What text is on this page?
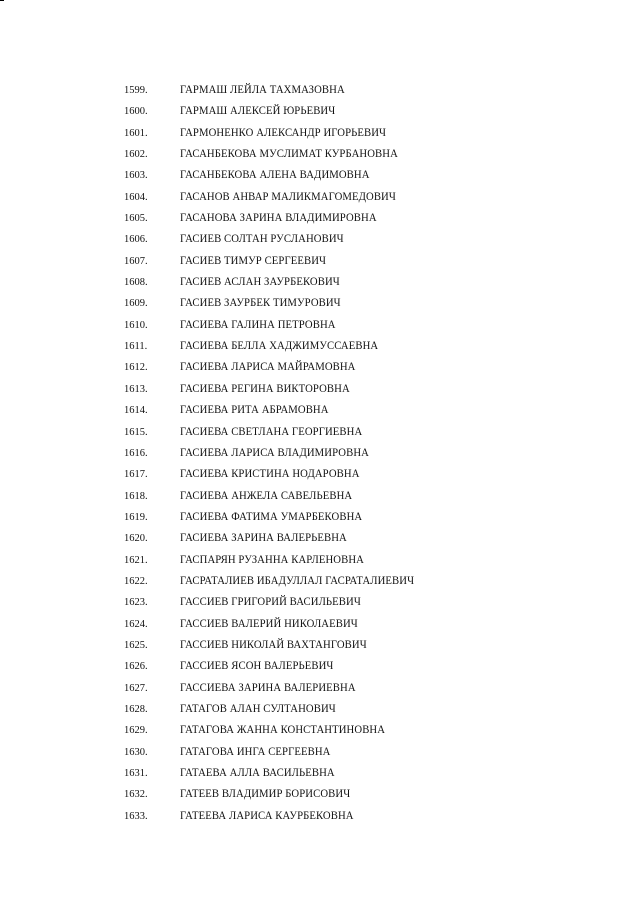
1599.	ГАРМАШ ЛЕЙЛА ТАХМАЗОВНА
1600.	ГАРМАШ АЛЕКСЕЙ ЮРЬЕВИЧ
1601.	ГАРМОНЕНКО АЛЕКСАНДР ИГОРЬЕВИЧ
1602.	ГАСАНБЕКОВА МУСЛИМАТ КУРБАНОВНА
1603.	ГАСАНБЕКОВА АЛЕНА ВАДИМОВНА
1604.	ГАСАНОВ АНВАР МАЛИКМАГОМЕДОВИЧ
1605.	ГАСАНОВА ЗАРИНА ВЛАДИМИРОВНА
1606.	ГАСИЕВ СОЛТАН РУСЛАНОВИЧ
1607.	ГАСИЕВ ТИМУР СЕРГЕЕВИЧ
1608.	ГАСИЕВ АСЛАН ЗАУРБЕКОВИЧ
1609.	ГАСИЕВ ЗАУРБЕК ТИМУРОВИЧ
1610.	ГАСИЕВА ГАЛИНА ПЕТРОВНА
1611.	ГАСИЕВА БЕЛЛА ХАДЖИМУССАЕВНА
1612.	ГАСИЕВА ЛАРИСА МАЙРАМОВНА
1613.	ГАСИЕВА РЕГИНА ВИКТОРОВНА
1614.	ГАСИЕВА РИТА АБРАМОВНА
1615.	ГАСИЕВА СВЕТЛАНА ГЕОРГИЕВНА
1616.	ГАСИЕВА ЛАРИСА ВЛАДИМИРОВНА
1617.	ГАСИЕВА КРИСТИНА НОДАРОВНА
1618.	ГАСИЕВА АНЖЕЛА САВЕЛЬЕВНА
1619.	ГАСИЕВА ФАТИМА УМАРБЕКОВНА
1620.	ГАСИЕВА ЗАРИНА ВАЛЕРЬЕВНА
1621.	ГАСПАРЯН РУЗАННА КАРЛЕНОВНА
1622.	ГАСРАТАЛИЕВ ИБАДУЛЛАЛ ГАСРАТАЛИЕВИЧ
1623.	ГАССИЕВ ГРИГОРИЙ ВАСИЛЬЕВИЧ
1624.	ГАССИЕВ ВАЛЕРИЙ НИКОЛАЕВИЧ
1625.	ГАССИЕВ НИКОЛАЙ ВАХТАНГОВИЧ
1626.	ГАССИЕВ ЯСОН ВАЛЕРЬЕВИЧ
1627.	ГАССИЕВА ЗАРИНА ВАЛЕРИЕВНА
1628.	ГАТАГОВ АЛАН СУЛТАНОВИЧ
1629.	ГАТАГОВА ЖАННА КОНСТАНТИНОВНА
1630.	ГАТАГОВА ИНГА СЕРГЕЕВНА
1631.	ГАТАЕВА АЛЛА ВАСИЛЬЕВНА
1632.	ГАТЕЕВ ВЛАДИМИР БОРИСОВИЧ
1633.	ГАТЕЕВА ЛАРИСА КАУРБЕКОВНА
